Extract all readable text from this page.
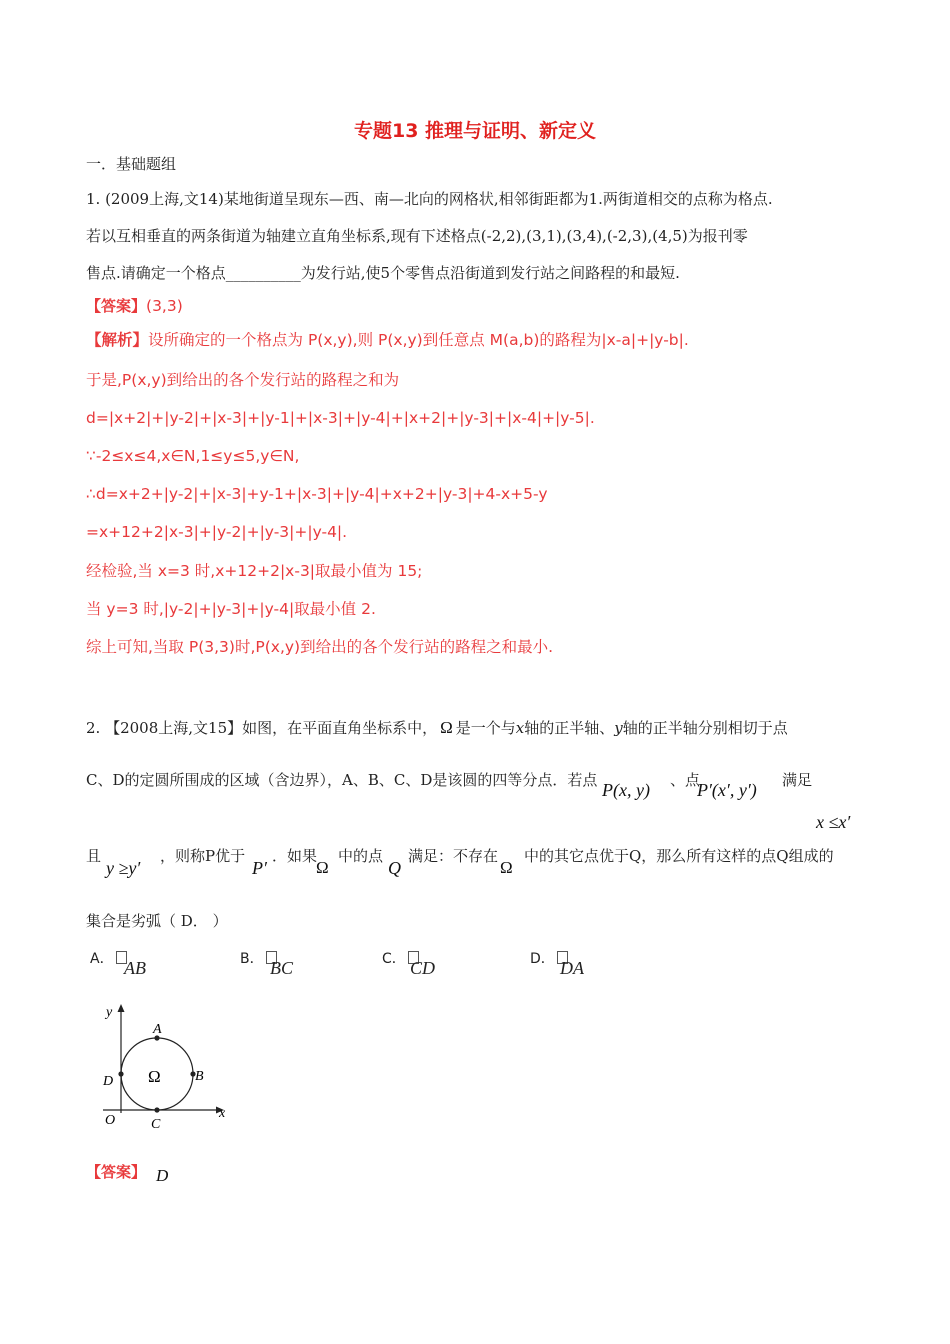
专题13 推理与证明、新定义
一．基础题组
1. (2009上海,文14)某地街道呈现东—西、南—北向的网格状,相邻街距都为1.两街道相交的点称为格点.
若以互相垂直的两条街道为轴建立直角坐标系,现有下述格点(-2,2),(3,1),(3,4),(-2,3),(4,5)为报刊零
售点.请确定一个格点__________为发行站,使5个零售点沿街道到发行站之间路程的和最短.
【答案】(3,3)
【解析】设所确定的一个格点为 P(x,y),则 P(x,y)到任意点 M(a,b)的路程为|x-a|+|y-b|.
于是,P(x,y)到给出的各个发行站的路程之和为
d=|x+2|+|y-2|+|x-3|+|y-1|+|x-3|+|y-4|+|x+2|+|y-3|+|x-4|+|y-5|.
∵-2≤x≤4,x∈N,1≤y≤5,y∈N,
∴d=x+2+|y-2|+|x-3|+y-1+|x-3|+|y-4|+x+2+|y-3|+4-x+5-y
=x+12+2|x-3|+|y-2|+|y-3|+|y-4|.
经检验,当 x=3 时,x+12+2|x-3|取最小值为 15;
当 y=3 时,|y-2|+|y-3|+|y-4|取最小值 2.
综上可知,当取 P(3,3)时,P(x,y)到给出的各个发行站的路程之和最小.
2. 【2008上海,文15】如图，在平面直角坐标系中， Ω 是一个与x轴的正半轴、y轴的正半轴分别相切于点
C、D的定圆所围成的区域（含边界），A、B、C、D是该圆的四等分点．若点 P(x, y) 、点
P′(x′, y′) 满足
x ≤x′
且
y ≥y′
，则称P优于
P′
．如果
Ω
中的点
Q
满足：不存在
Ω
中的其它点优于Q，那么所有这样的点Q组成的
集合是劣弧（ D． ）
A． AB	B． BC	C． CD	D． DA
y
x
O
A
B
C
D Ω
【答案】 D
